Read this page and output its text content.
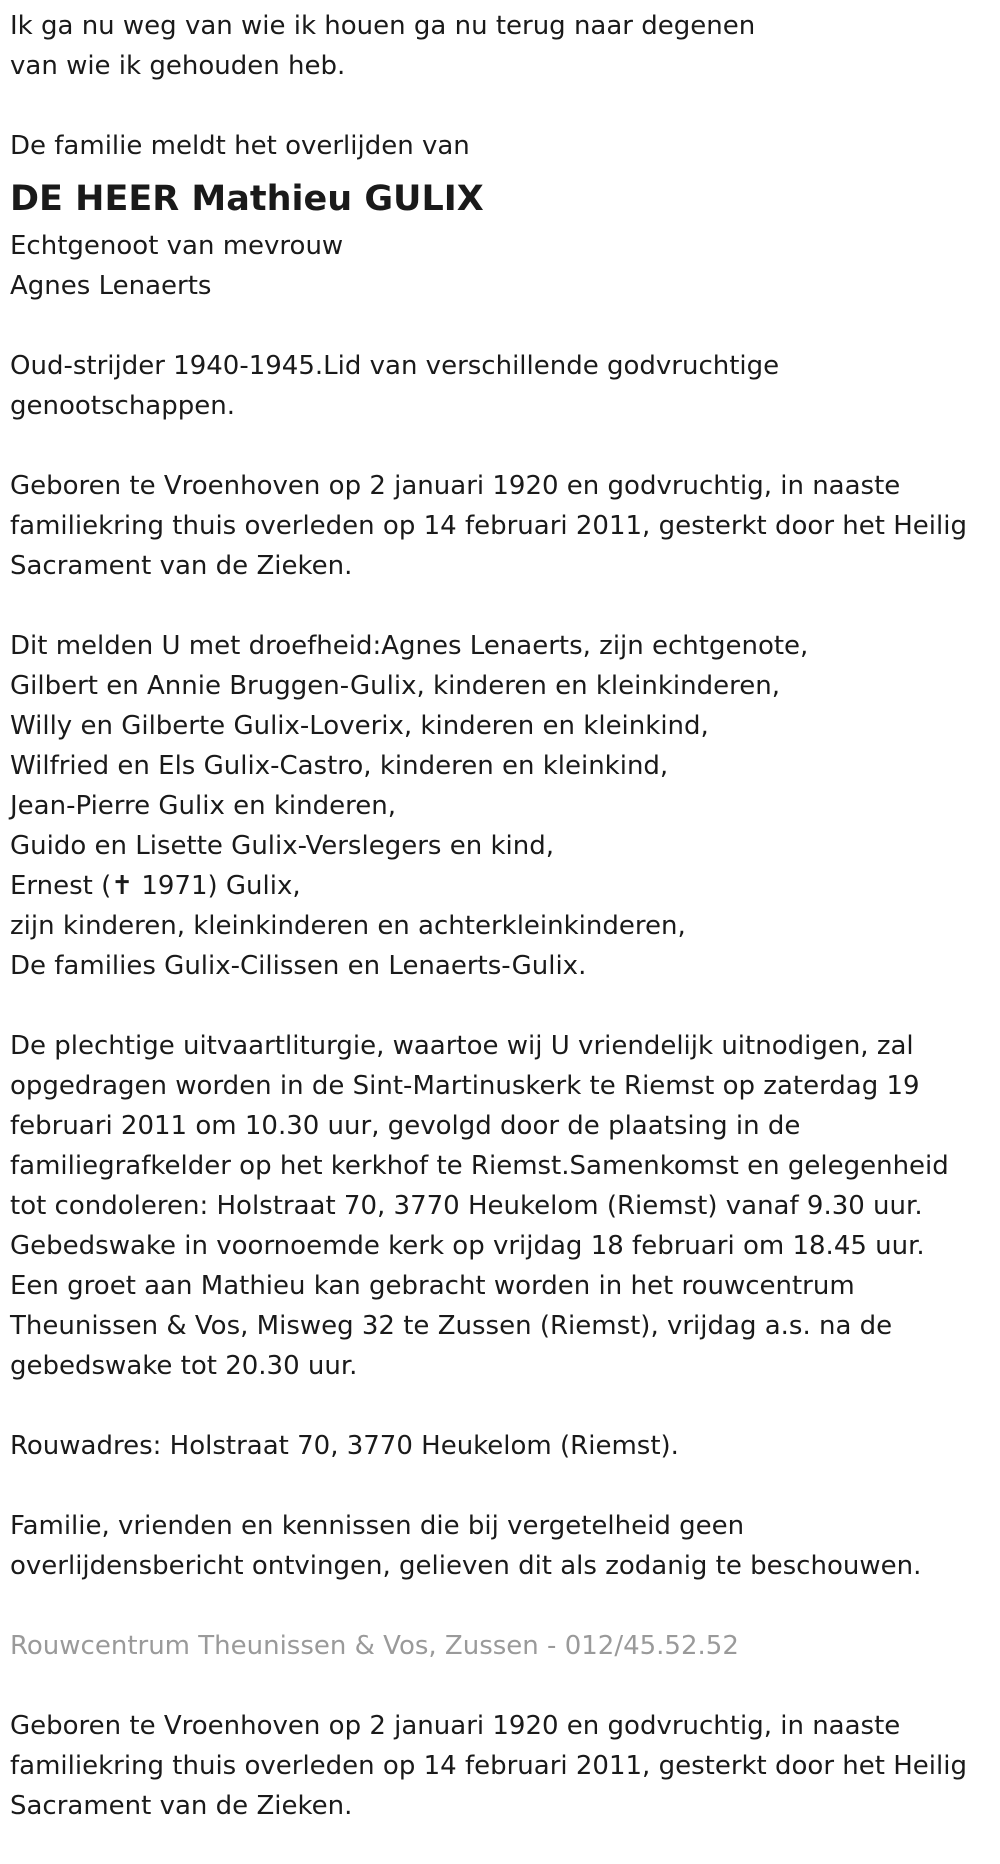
Ik ga nu weg van wie ik houen ga nu terug naar degenen
van wie ik gehouden heb.
De familie meldt het overlijden van
DE HEER Mathieu GULIX
Echtgenoot van mevrouw
Agnes Lenaerts
Oud-strijder 1940-1945.Lid van verschillende godvruchtige
genootschappen.
Geboren te Vroenhoven op 2 januari 1920 en godvruchtig, in naaste
familiekring thuis overleden op 14 februari 2011, gesterkt door het Heilig
Sacrament van de Zieken.
Dit melden U met droefheid:Agnes Lenaerts, zijn echtgenote,
Gilbert en Annie Bruggen-Gulix, kinderen en kleinkinderen,
Willy en Gilberte Gulix-Loverix, kinderen en kleinkind,
Wilfried en Els Gulix-Castro, kinderen en kleinkind,
Jean-Pierre Gulix en kinderen,
Guido en Lisette Gulix-Verslegers en kind,
Ernest (✝ 1971) Gulix,
zijn kinderen, kleinkinderen en achterkleinkinderen,
De families Gulix-Cilissen en Lenaerts-Gulix.
De plechtige uitvaartliturgie, waartoe wij U vriendelijk uitnodigen, zal
opgedragen worden in de Sint-Martinuskerk te Riemst op zaterdag 19
februari 2011 om 10.30 uur, gevolgd door de plaatsing in de
familiegrafkelder op het kerkhof te Riemst.Samenkomst en gelegenheid
tot condoleren: Holstraat 70, 3770 Heukelom (Riemst) vanaf 9.30 uur.
Gebedswake in voornoemde kerk op vrijdag 18 februari om 18.45 uur.
Een groet aan Mathieu kan gebracht worden in het rouwcentrum
Theunissen & Vos, Misweg 32 te Zussen (Riemst), vrijdag a.s. na de
gebedswake tot 20.30 uur.
Rouwadres: Holstraat 70, 3770 Heukelom (Riemst).
Familie, vrienden en kennissen die bij vergetelheid geen
overlijdensbericht ontvingen, gelieven dit als zodanig te beschouwen.
Rouwcentrum Theunissen & Vos, Zussen - 012/45.52.52
Geboren te Vroenhoven op 2 januari 1920 en godvruchtig, in naaste
familiekring thuis overleden op 14 februari 2011, gesterkt door het Heilig
Sacrament van de Zieken.
